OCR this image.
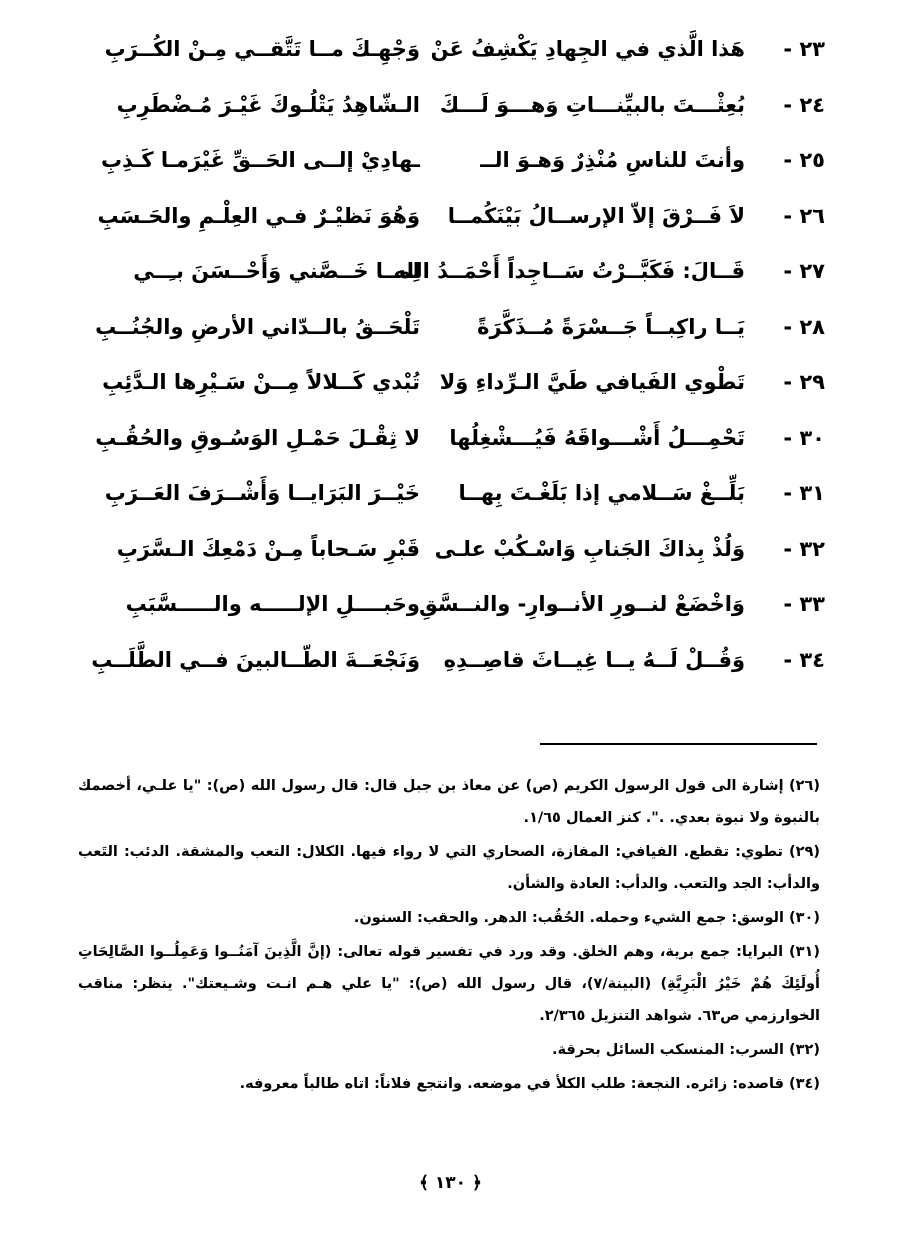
٢٣ -
هَذا الَّذي في الجِهادِ يَكْشِفُ عَنْ
وَجْهِـكَ مــا تَتَّقــي مِـنْ الكُــرَبِ
٢٤ -
بُعِثْـــتَ بالبيِّنـــاتِ وَهـــوَ لَـــكَ
الـشّاهِدُ يَتْلُـوكَ غَيْـرَ مُـضْطَرِبِ
٢٥ -
وأنتَ للناسِ مُنْذِرٌ وَهـوَ الــ
ـهادِيْ إلــى الحَــقِّ غَيْرَمـا كَـذِبِ
٢٦ -
لاَ فَــرْقَ إلاّ الإرســالُ بَيْنَكُمــا
وَهُوَ نَظيْـرٌ فـي العِلْـمِ والحَـسَبِ
٢٧ -
قَــالَ: فَكَبَّــرْتُ سَــاجِداً أَحْمَــدُ الله
لِمــا خَــصَّني وَأَحْــسَنَ بـِــي
٢٨ -
يَــا راكِبــاً جَــسْرَةً مُــذَكَّرَةً
تَلْحَــقُ بالــدّاني الأرضِ والجُنُــبِ
٢٩ -
تَطْوي الفَيافي طَيَّ الـرِّداءِ وَلا
تُبْدي كَــلالاً مِــنْ سَـيْرِها الـدَّئِبِ
٣٠ -
تَحْمِـــلُ أَشْـــواقَهُ فَيُـــشْغِلُها
لا ثِقْـلَ حَمْـلِ الوَسُـوقِ والحُقُـبِ
٣١ -
بَلِّــغْ سَــلامي إذا بَلَغْـتَ بِهــا
خَيْــرَ البَرَايــا وَأَشْــرَفَ العَــرَبِ
٣٢ -
وَلُذْ بِذاكَ الجَنابِ وَاسْـكُبْ علـى
قَبْرِ سَـحاباً مِـنْ دَمْعِكَ الـسَّرَبِ
٣٣ -
وَاخْضَعْ لنــورِ الأنــوارِ- والنــسَّقِ
وحَبــــلِ الإلـــــه والـــــسَّبَبِ
٣٤ -
وَقُــلْ لَــهُ يــا غِيــاثَ قاصِــدِهِ
وَنَجْعَــةَ الطّــالبينَ فــي الطَّلَــبِ

(٢٦) إشارة الى قول الرسول الكريم (ص) عن معاذ بن جبل قال: قال رسول الله (ص): "يا علـي، أخصمك بالنبوة ولا نبوة بعدي. .". كنز العمال ١/٦٥.

(٢٩) تطوي: تقطع. الفيافي: المفازة، الصحاري التي لا رواء فيها. الكلال: التعب والمشقة. الدئب: التَعب والدأب: الجد والتعب. والدأب: العادة والشأن.

(٣٠) الوسق: جمع الشيء وحمله. الحُقُب: الدهر. والحقب: السنون.

(٣١) البرايا: جمع برية، وهم الخلق. وقد ورد في تفسير قوله تعالى: (إنَّ الَّذِينَ آمَنُــوا وَعَمِلُــوا الصَّالِحَاتِ أُولَئِكَ هُمْ خَيْرُ الْبَرِيَّةِ) (البينة/٧)، قال رسول الله (ص): "يا علي هـم انـت وشـيعتك". ينظر: مناقب الخوارزمي ص٦٣. شواهد التنزيل ٢/٣٦٥.

(٣٢) السرب: المنسكب السائل بحرقة.

(٣٤) قاصده: زائره. النجعة: طلب الكلأ في موضعه. وانتجع فلاناً: اتاه طالباً معروفه.

﴿ ١٣٠ ﴾
